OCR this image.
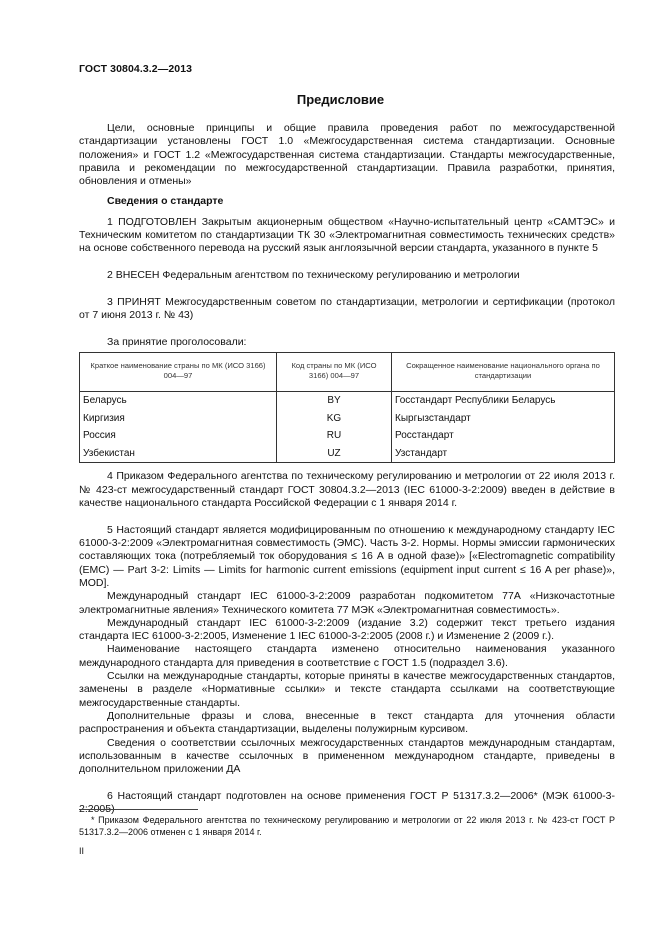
ГОСТ 30804.3.2—2013
Предисловие

Цели, основные принципы и общие правила проведения работ по межгосударственной стандартизации установлены ГОСТ 1.0 «Межгосударственная система стандартизации. Основные положения» и ГОСТ 1.2 «Межгосударственная система стандартизации. Стандарты межгосударственные, правила и рекомендации по межгосударственной стандартизации. Правила разработки, принятия, обновления и отмены»

Сведения о стандарте

1 ПОДГОТОВЛЕН Закрытым акционерным обществом «Научно-испытательный центр «САМТЭС» и Техническим комитетом по стандартизации ТК 30 «Электромагнитная совместимость технических средств» на основе собственного перевода на русский язык англоязычной версии стандарта, указанного в пункте 5

2 ВНЕСЕН Федеральным агентством по техническому регулированию и метрологии

3 ПРИНЯТ Межгосударственным советом по стандартизации, метрологии и сертификации (протокол от 7 июня 2013 г. № 43)

За принятие проголосовали:

Краткое наименование страны по МК (ИСО 3166) 004—97	Код страны по МК (ИСО 3166) 004—97	Сокращенное наименование национального органа по стандартизации
Беларусь	BY	Госстандарт Республики Беларусь
Киргизия	KG	Кыргызстандарт
Россия	RU	Росстандарт
Узбекистан	UZ	Узстандарт

4 Приказом Федерального агентства по техническому регулированию и метрологии от 22 июля 2013 г. № 423-ст межгосударственный стандарт ГОСТ 30804.3.2—2013 (IEC 61000-3-2:2009) введен в действие в качестве национального стандарта Российской Федерации с 1 января 2014 г.

5 Настоящий стандарт является модифицированным по отношению к международному стандарту IEC 61000-3-2:2009 «Электромагнитная совместимость (ЭМС). Часть 3-2. Нормы. Нормы эмиссии гармонических составляющих тока (потребляемый ток оборудования ≤ 16 А в одной фазе)» [«Electromagnetic compatibility (EMC) — Part 3-2: Limits — Limits for harmonic current emissions (equipment input current ≤ 16 A per phase)», MOD].

Международный стандарт IEC 61000-3-2:2009 разработан подкомитетом 77А «Низкочастотные электромагнитные явления» Технического комитета 77 МЭК «Электромагнитная совместимость».

Международный стандарт IEC 61000-3-2:2009 (издание 3.2) содержит текст третьего издания стандарта IEC 61000-3-2:2005, Изменение 1 IEC 61000-3-2:2005 (2008 г.) и Изменение 2 (2009 г.).

Наименование настоящего стандарта изменено относительно наименования указанного международного стандарта для приведения в соответствие с ГОСТ 1.5 (подраздел 3.6).

Ссылки на международные стандарты, которые приняты в качестве межгосударственных стандартов, заменены в разделе «Нормативные ссылки» и тексте стандарта ссылками на соответствующие межгосударственные стандарты.

Дополнительные фразы и слова, внесенные в текст стандарта для уточнения области распространения и объекта стандартизации, выделены полужирным курсивом.

Сведения о соответствии ссылочных межгосударственных стандартов международным стандартам, использованным в качестве ссылочных в примененном международном стандарте, приведены в дополнительном приложении ДА

6 Настоящий стандарт подготовлен на основе применения ГОСТ Р 51317.3.2—2006* (МЭК 61000-3-2:2005)

* Приказом Федерального агентства по техническому регулированию и метрологии от 22 июля 2013 г. № 423-ст ГОСТ Р 51317.3.2—2006 отменен с 1 января 2014 г.

II
